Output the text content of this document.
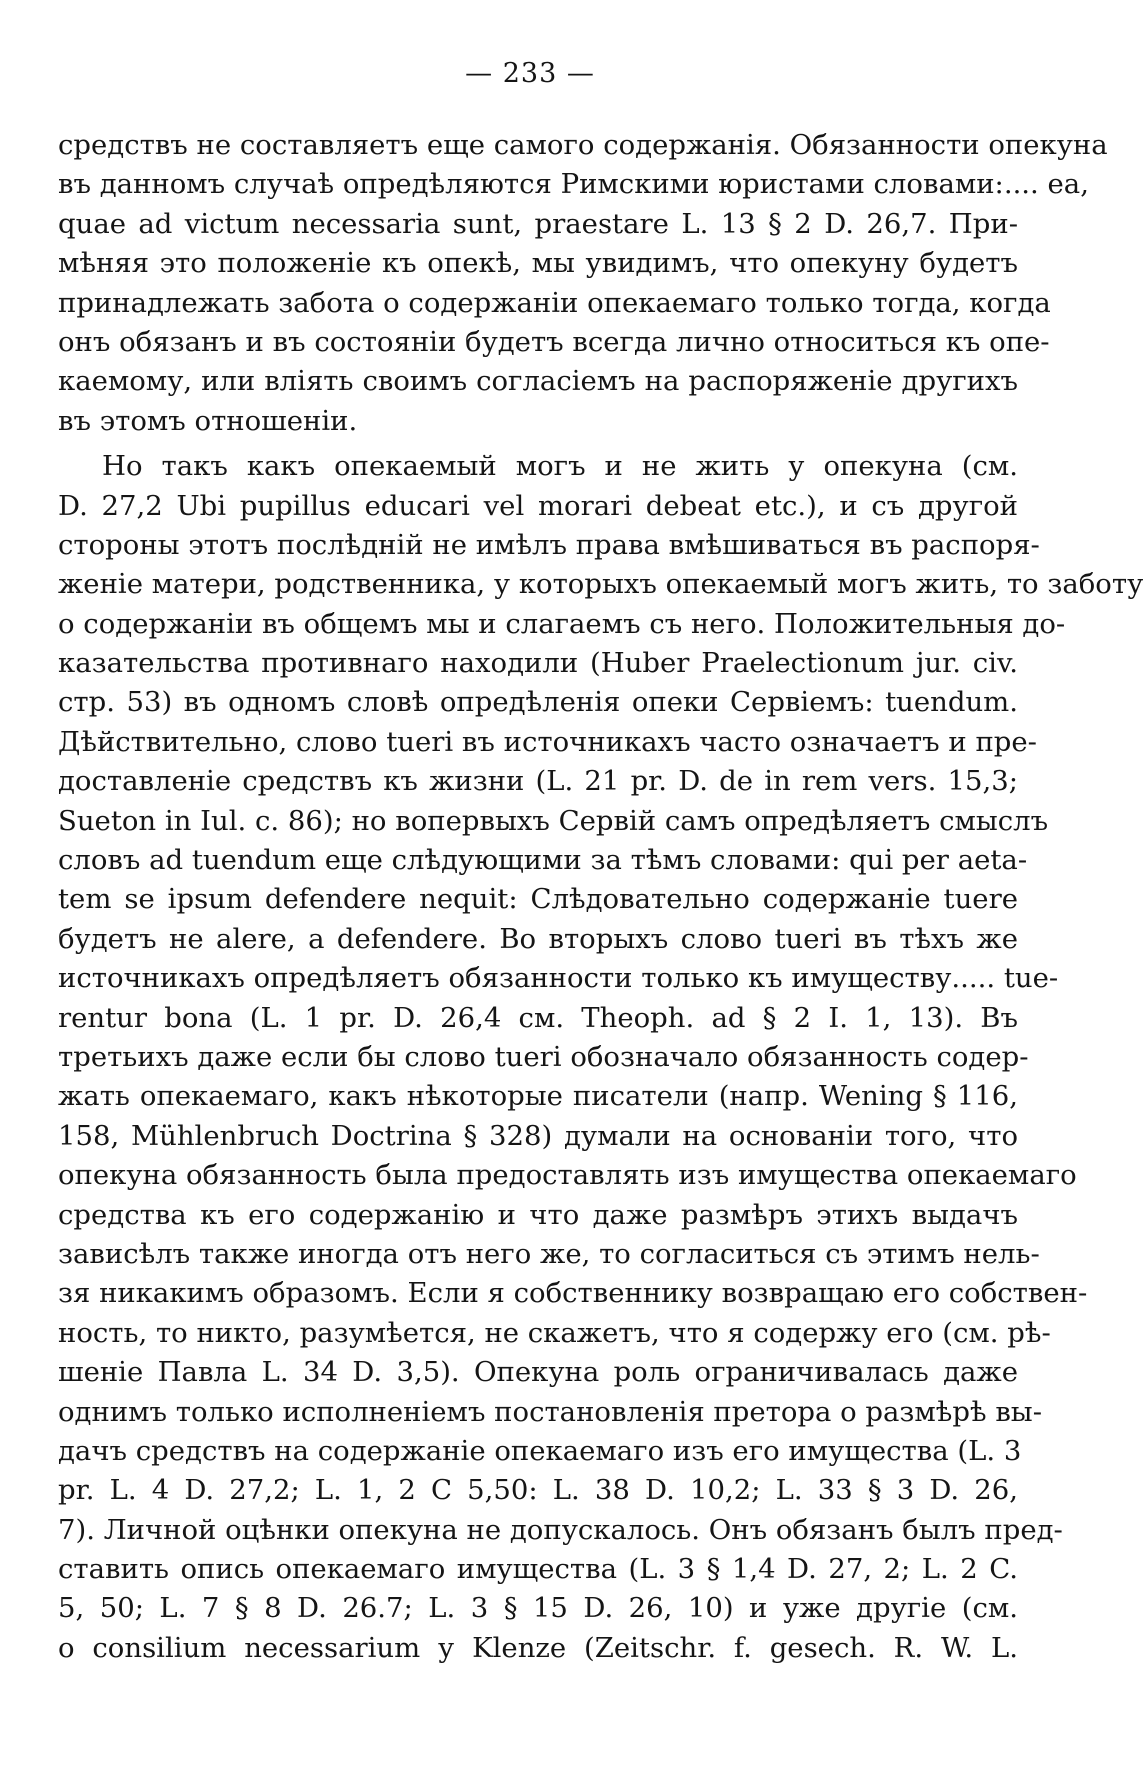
— 233 —
средствъ не составляетъ еще самого содержанія. Обязанности опекуна
въ данномъ случаѣ опредѣляются Римскими юристами словами:.... ea,
quae ad victum necessaria sunt, praestare L. 13 § 2 D. 26,7. При-
мѣняя это положеніе къ опекѣ, мы увидимъ, что опекуну будетъ
принадлежать забота о содержаніи опекаемаго только тогда, когда
онъ обязанъ и въ состояніи будетъ всегда лично относиться къ опе-
каемому, или вліять своимъ согласіемъ на распоряженіе другихъ
въ этомъ отношеніи.
Но такъ какъ опекаемый могъ и не жить у опекуна (см.
D. 27,2 Ubi pupillus educari vel morari debeat etc.), и съ другой
стороны этотъ послѣдній не имѣлъ права вмѣшиваться въ распоря-
женіе матери, родственника, у которыхъ опекаемый могъ жить, то заботу
о содержаніи въ общемъ мы и слагаемъ съ него. Положительныя до-
казательства противнаго находили (Huber Praelectionum jur. civ.
стр. 53) въ одномъ словѣ опредѣленія опеки Сервіемъ: tuendum.
Дѣйствительно, слово tueri въ источникахъ часто означаетъ и пре-
доставленіе средствъ къ жизни (L. 21 pr. D. de in rem vers. 15,3;
Sueton in Iul. c. 86); но вопервыхъ Сервій самъ опредѣляетъ смыслъ
словъ ad tuendum еще слѣдующими за тѣмъ словами: qui per aeta-
tem se ipsum defendere nequit: Слѣдовательно содержаніе tuere
будетъ не alere, а defendere. Во вторыхъ слово tueri въ тѣхъ же
источникахъ опредѣляетъ обязанности только къ имуществу..... tue-
rentur bona (L. 1 pr. D. 26,4 см. Theoph. ad § 2 I. 1, 13). Въ
третьихъ даже если бы слово tueri обозначало обязанность содер-
жать опекаемаго, какъ нѣкоторые писатели (напр. Wening § 116,
158, Mühlenbruch Doctrina § 328) думали на основаніи того, что
опекуна обязанность была предоставлять изъ имущества опекаемаго
средства къ его содержанію и что даже размѣръ этихъ выдачъ
зависѣлъ также иногда отъ него же, то согласиться съ этимъ нель-
зя никакимъ образомъ. Если я собственнику возвращаю его собствен-
ность, то никто, разумѣется, не скажетъ, что я содержу его (см. рѣ-
шеніе Павла L. 34 D. 3,5). Опекуна роль ограничивалась даже
однимъ только исполненіемъ постановленія претора о размѣрѣ вы-
дачъ средствъ на содержаніе опекаемаго изъ его имущества (L. 3
pr. L. 4 D. 27,2; L. 1, 2 C 5,50: L. 38 D. 10,2; L. 33 § 3 D. 26,
7). Личной оцѣнки опекуна не допускалось. Онъ обязанъ былъ пред-
ставить опись опекаемаго имущества (L. 3 § 1,4 D. 27, 2; L. 2 C.
5, 50; L. 7 § 8 D. 26.7; L. 3 § 15 D. 26, 10) и уже другіе (см.
o consilium necessarium у Klenze (Zeitschr. f. gesech. R. W. L.
